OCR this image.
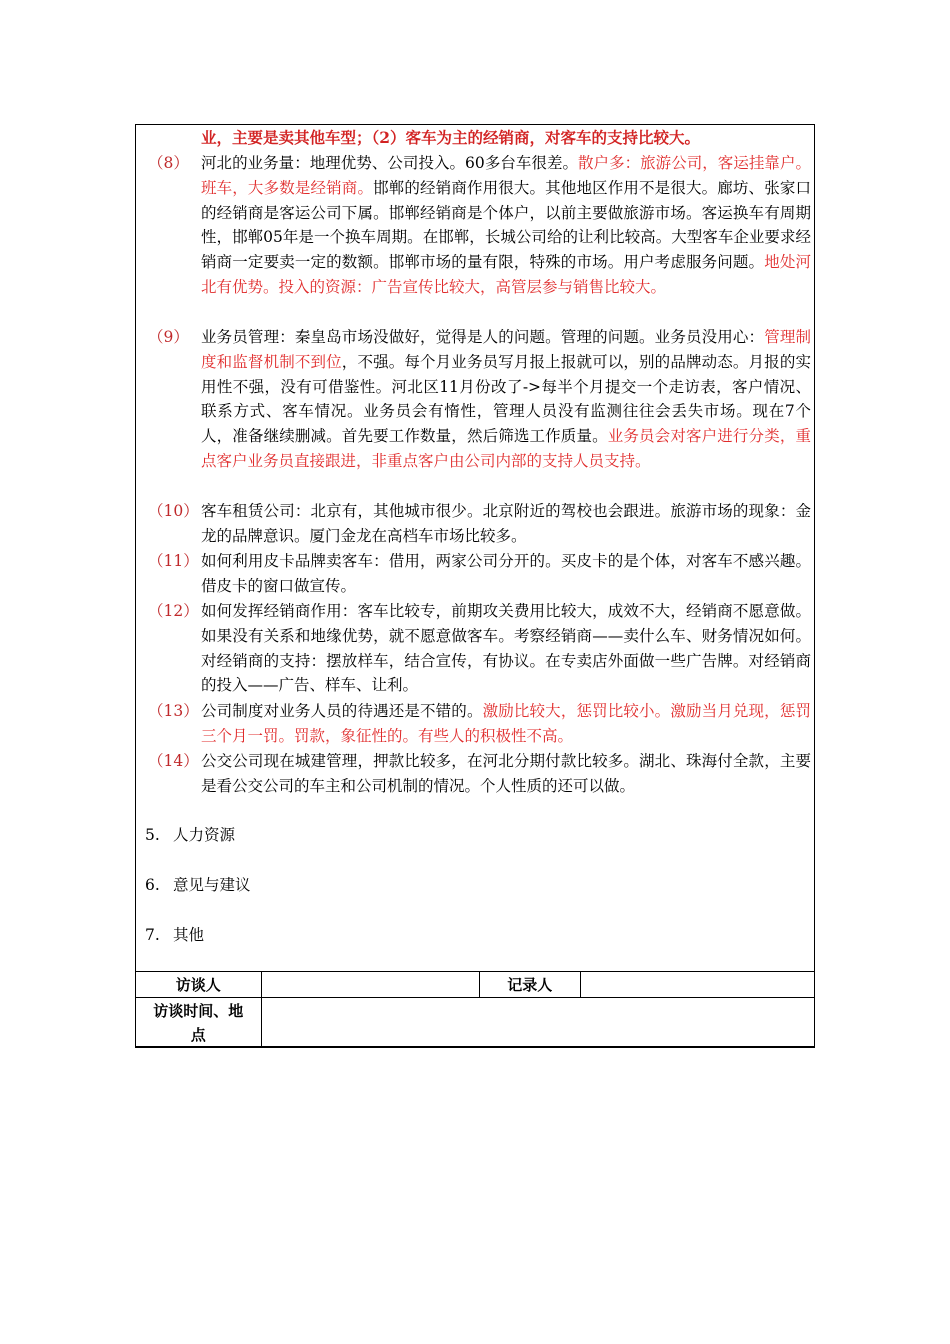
业，主要是卖其他车型；（2）客车为主的经销商，对客车的支持比较大。
（8） 河北的业务量：地理优势、公司投入。60多台车很差。散户多：旅游公司，客运挂靠户。班车，大多数是经销商。邯郸的经销商作用很大。其他地区作用不是很大。廊坊、张家口的经销商是客运公司下属。邯郸经销商是个体户，以前主要做旅游市场。客运换车有周期性，邯郸05年是一个换车周期。在邯郸，长城公司给的让利比较高。大型客车企业要求经销商一定要卖一定的数额。邯郸市场的量有限，特殊的市场。用户考虑服务问题。地处河北有优势。投入的资源：广告宣传比较大，高管层参与销售比较大。
（9） 业务员管理：秦皇岛市场没做好，觉得是人的问题。管理的问题。业务员没用心：管理制度和监督机制不到位，不强。每个月业务员写月报上报就可以，别的品牌动态。月报的实用性不强，没有可借鉴性。河北区11月份改了->每半个月提交一个走访表，客户情况、联系方式、客车情况。业务员会有惰性，管理人员没有监测往往会丢失市场。现在7个人，准备继续删减。首先要工作数量，然后筛选工作质量。业务员会对客户进行分类，重点客户业务员直接跟进，非重点客户由公司内部的支持人员支持。
（10） 客车租赁公司：北京有，其他城市很少。北京附近的驾校也会跟进。旅游市场的现象：金龙的品牌意识。厦门金龙在高档车市场比较多。
（11） 如何利用皮卡品牌卖客车：借用，两家公司分开的。买皮卡的是个体，对客车不感兴趣。借皮卡的窗口做宣传。
（12） 如何发挥经销商作用：客车比较专，前期攻关费用比较大，成效不大，经销商不愿意做。如果没有关系和地缘优势，就不愿意做客车。考察经销商——卖什么车、财务情况如何。对经销商的支持：摆放样车，结合宣传，有协议。在专卖店外面做一些广告牌。对经销商的投入——广告、样车、让利。
（13） 公司制度对业务人员的待遇还是不错的。激励比较大，惩罚比较小。激励当月兑现，惩罚三个月一罚。罚款，象征性的。有些人的积极性不高。
（14） 公交公司现在城建管理，押款比较多，在河北分期付款比较多。湖北、珠海付全款，主要是看公交公司的车主和公司机制的情况。个人性质的还可以做。
5. 人力资源
6. 意见与建议
7. 其他
访谈人		记录人	
访谈时间、地
点			
